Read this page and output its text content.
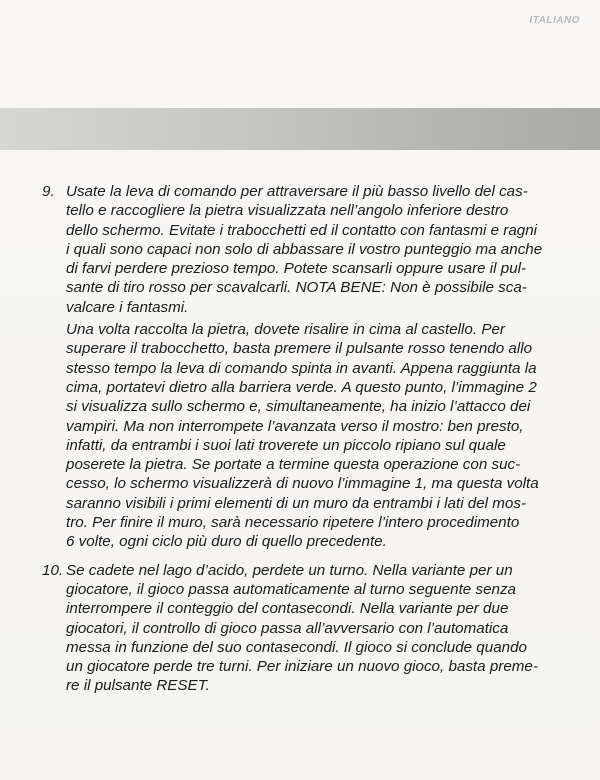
ITALIANO
9. Usate la leva di comando per attraversare il più basso livello del cas-
tello e raccogliere la pietra visualizzata nell’angolo inferiore destro
dello schermo. Evitate i trabocchetti ed il contatto con fantasmi e ragni
i quali sono capaci non solo di abbassare il vostro punteggio ma anche
di farvi perdere prezioso tempo. Potete scansarli oppure usare il pul-
sante di tiro rosso per scavalcarli. NOTA BENE: Non è possibile sca-
valcare i fantasmi.

Una volta raccolta la pietra, dovete risalire in cima al castello. Per
superare il trabocchetto, basta premere il pulsante rosso tenendo allo
stesso tempo la leva di comando spinta in avanti. Appena raggiunta la
cima, portatevi dietro alla barriera verde. A questo punto, l’immagine 2
si visualizza sullo schermo e, simultaneamente, ha inizio l’attacco dei
vampiri. Ma non interrompete l’avanzata verso il mostro: ben presto,
infatti, da entrambi i suoi lati troverete un piccolo ripiano sul quale
poserete la pietra. Se portate a termine questa operazione con suc-
cesso, lo schermo visualizzerà di nuovo l’immagine 1, ma questa volta
saranno visibili i primi elementi di un muro da entrambi i lati del mos-
tro. Per finire il muro, sarà necessario ripetere l’intero procedimento
6 volte, ogni ciclo più duro di quello precedente.

10. Se cadete nel lago d’acido, perdete un turno. Nella variante per un
giocatore, il gioco passa automaticamente al turno seguente senza
interrompere il conteggio del contasecondi. Nella variante per due
giocatori, il controllo di gioco passa all’avversario con l’automatica
messa in funzione del suo contasecondi. Il gioco si conclude quando
un giocatore perde tre turni. Per iniziare un nuovo gioco, basta preme-
re il pulsante RESET.
